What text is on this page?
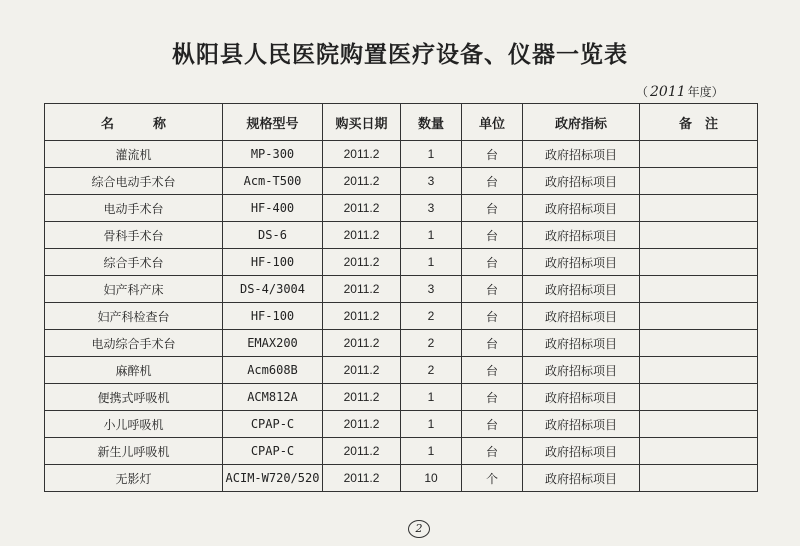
枞阳县人民医院购置医疗设备、仪器一览表
（ 2011 年度）
名　　　称	规格型号	购买日期	数量	单位	政府指标	备　注
灌流机	MP-300	2011.2	1	台	政府招标项目	
综合电动手术台	Acm-T500	2011.2	3	台	政府招标项目	
电动手术台	HF-400	2011.2	3	台	政府招标项目	
骨科手术台	DS-6	2011.2	1	台	政府招标项目	
综合手术台	HF-100	2011.2	1	台	政府招标项目	
妇产科产床	DS-4/3004	2011.2	3	台	政府招标项目	
妇产科检查台	HF-100	2011.2	2	台	政府招标项目	
电动综合手术台	EMAX200	2011.2	2	台	政府招标项目	
麻醉机	Acm608B	2011.2	2	台	政府招标项目	
便携式呼吸机	ACM812A	2011.2	1	台	政府招标项目	
小儿呼吸机	CPAP-C	2011.2	1	台	政府招标项目	
新生儿呼吸机	CPAP-C	2011.2	1	台	政府招标项目	
无影灯	ACIM-W720/520	2011.2	10	个	政府招标项目	
2
